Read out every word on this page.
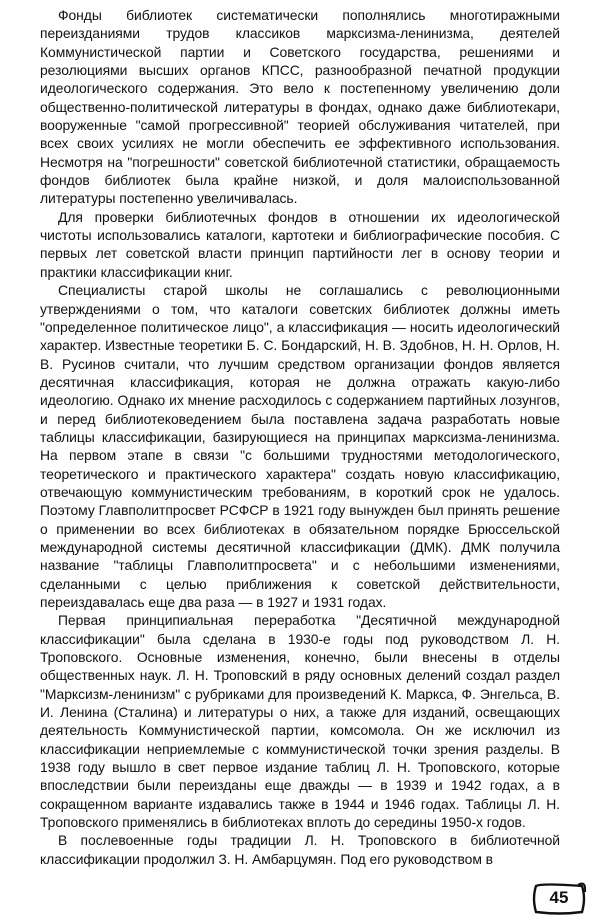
Фонды библиотек систематически пополнялись многотиражными переизданиями трудов классиков марксизма-ленинизма, деятелей Коммунистической партии и Советского государства, решениями и резолюциями высших органов КПСС, разнообразной печатной продукции идеологического содержания. Это вело к постепенному увеличению доли общественно-политической литературы в фондах, однако даже библиотекари, вооруженные "самой прогрессивной" теорией обслуживания читателей, при всех своих усилиях не могли обеспечить ее эффективного использования. Несмотря на "погрешности" советской библиотечной статистики, обращаемость фондов библиотек была крайне низкой, и доля малоиспользованной литературы постепенно увеличивалась.

Для проверки библиотечных фондов в отношении их идеологической чистоты использовались каталоги, картотеки и библиографические пособия. С первых лет советской власти принцип партийности лег в основу теории и практики классификации книг.

Специалисты старой школы не соглашались с революционными утверждениями о том, что каталоги советских библиотек должны иметь "определенное политическое лицо", а классификация — носить идеологический характер. Известные теоретики Б. С. Бондарский, Н. В. Здобнов, Н. Н. Орлов, Н. В. Русинов считали, что лучшим средством организации фондов является десятичная классификация, которая не должна отражать какую-либо идеологию. Однако их мнение расходилось с содержанием партийных лозунгов, и перед библиотековедением была поставлена задача разработать новые таблицы классификации, базирующиеся на принципах марксизма-ленинизма. На первом этапе в связи "с большими трудностями методологического, теоретического и практического характера" создать новую классификацию, отвечающую коммунистическим требованиям, в короткий срок не удалось. Поэтому Главполитпросвет РСФСР в 1921 году вынужден был принять решение о применении во всех библиотеках в обязательном порядке Брюссельской международной системы десятичной классификации (ДМК). ДМК получила название "таблицы Главполитпросвета" и с небольшими изменениями, сделанными с целью приближения к советской действительности, переиздавалась еще два раза — в 1927 и 1931 годах.

Первая принципиальная переработка "Десятичной международной классификации" была сделана в 1930-е годы под руководством Л. Н. Троповского. Основные изменения, конечно, были внесены в отделы общественных наук. Л. Н. Троповский в ряду основных делений создал раздел "Марксизм-ленинизм" с рубриками для произведений К. Маркса, Ф. Энгельса, В. И. Ленина (Сталина) и литературы о них, а также для изданий, освещающих деятельность Коммунистической партии, комсомола. Он же исключил из классификации неприемлемые с коммунистической точки зрения разделы. В 1938 году вышло в свет первое издание таблиц Л. Н. Троповского, которые впоследствии были переизданы еще дважды — в 1939 и 1942 годах, а в сокращенном варианте издавались также в 1944 и 1946 годах. Таблицы Л. Н. Троповского применялись в библиотеках вплоть до середины 1950-х годов.

В послевоенные годы традиции Л. Н. Троповского в библиотечной классификации продолжил З. Н. Амбарцумян. Под его руководством в

45
